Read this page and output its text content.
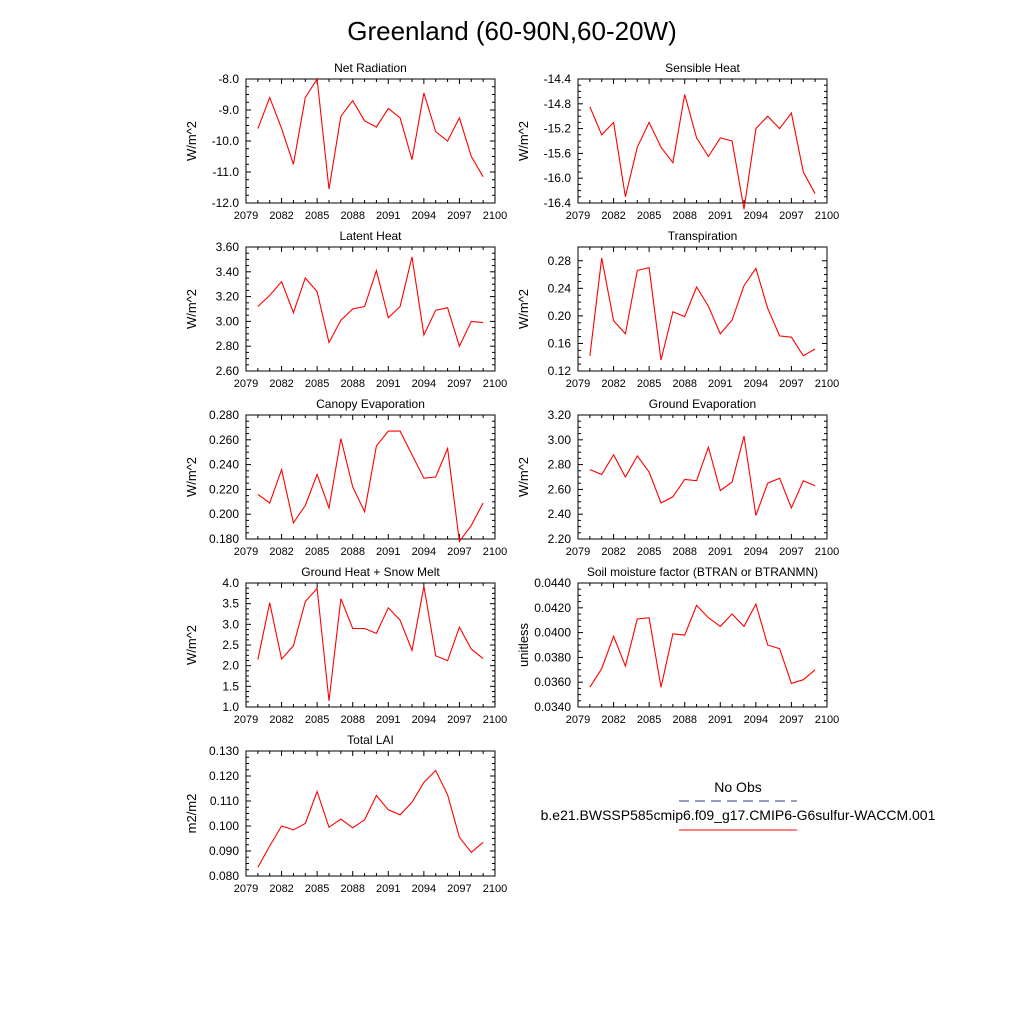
Greenland (60-90N,60-20W)
2079 2082 2085 2088 2091 2094 2097 2100
-12.0
-11.0
-10.0
-9.0
-8.0
W/m^2
Net Radiation
2079 2082 2085 2088 2091 2094 2097 2100
-16.4
-16.0
-15.6
-15.2
-14.8
-14.4
W/m^2
Sensible Heat
2079 2082 2085 2088 2091 2094 2097 2100
2.60
2.80
3.00
3.20
3.40
3.60
W/m^2
Latent Heat
2079 2082 2085 2088 2091 2094 2097 2100
0.12
0.16
0.20
0.24
0.28
W/m^2
Transpiration
2079 2082 2085 2088 2091 2094 2097 2100
0.180
0.200
0.220
0.240
0.260
0.280
W/m^2
Canopy Evaporation
2079 2082 2085 2088 2091 2094 2097 2100
2.20
2.40
2.60
2.80
3.00
3.20
W/m^2
Ground Evaporation
2079 2082 2085 2088 2091 2094 2097 2100
1.0
1.5
2.0
2.5
3.0
3.5
4.0
W/m^2
Ground Heat + Snow Melt
2079 2082 2085 2088 2091 2094 2097 2100
0.0340
0.0360
0.0380
0.0400
0.0420
0.0440
unitless
Soil moisture factor (BTRAN or BTRANMN)
2079 2082 2085 2088 2091 2094 2097 2100
0.080
0.090
0.100
0.110
0.120
0.130
m2/m2
Total LAI
No Obs
b.e21.BWSSP585cmip6.f09_g17.CMIP6-G6sulfur-WACCM.001
